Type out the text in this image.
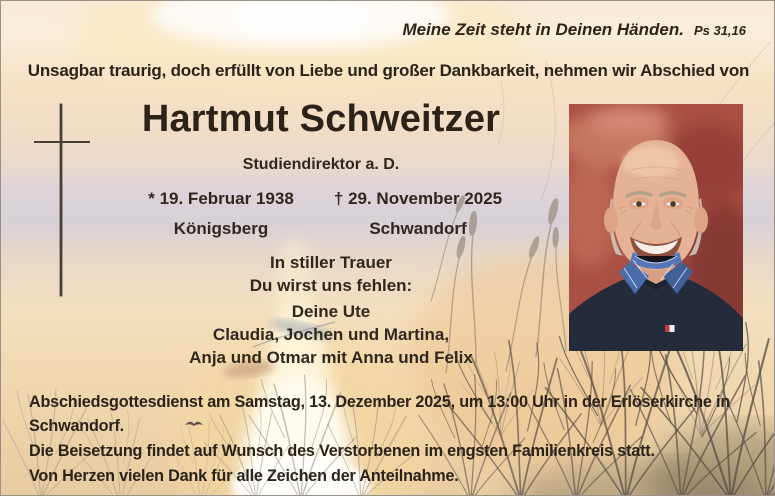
Meine Zeit steht in Deinen Händen. Ps 31,16
Unsagbar traurig, doch erfüllt von Liebe und großer Dankbarkeit, nehmen wir Abschied von
Hartmut Schweitzer
Studiendirektor a. D.
* 19. Februar 1938	† 29. November 2025
Königsberg	Schwandorf
In stiller Trauer
Du wirst uns fehlen:
Deine Ute
Claudia, Jochen und Martina,
Anja und Otmar mit Anna und Felix

Abschiedsgottesdienst am Samstag, 13. Dezember 2025, um 13:00 Uhr in der Erlöserkirche in Schwandorf.

Die Beisetzung findet auf Wunsch des Verstorbenen im engsten Familienkreis statt.

Von Herzen vielen Dank für alle Zeichen der Anteilnahme.
